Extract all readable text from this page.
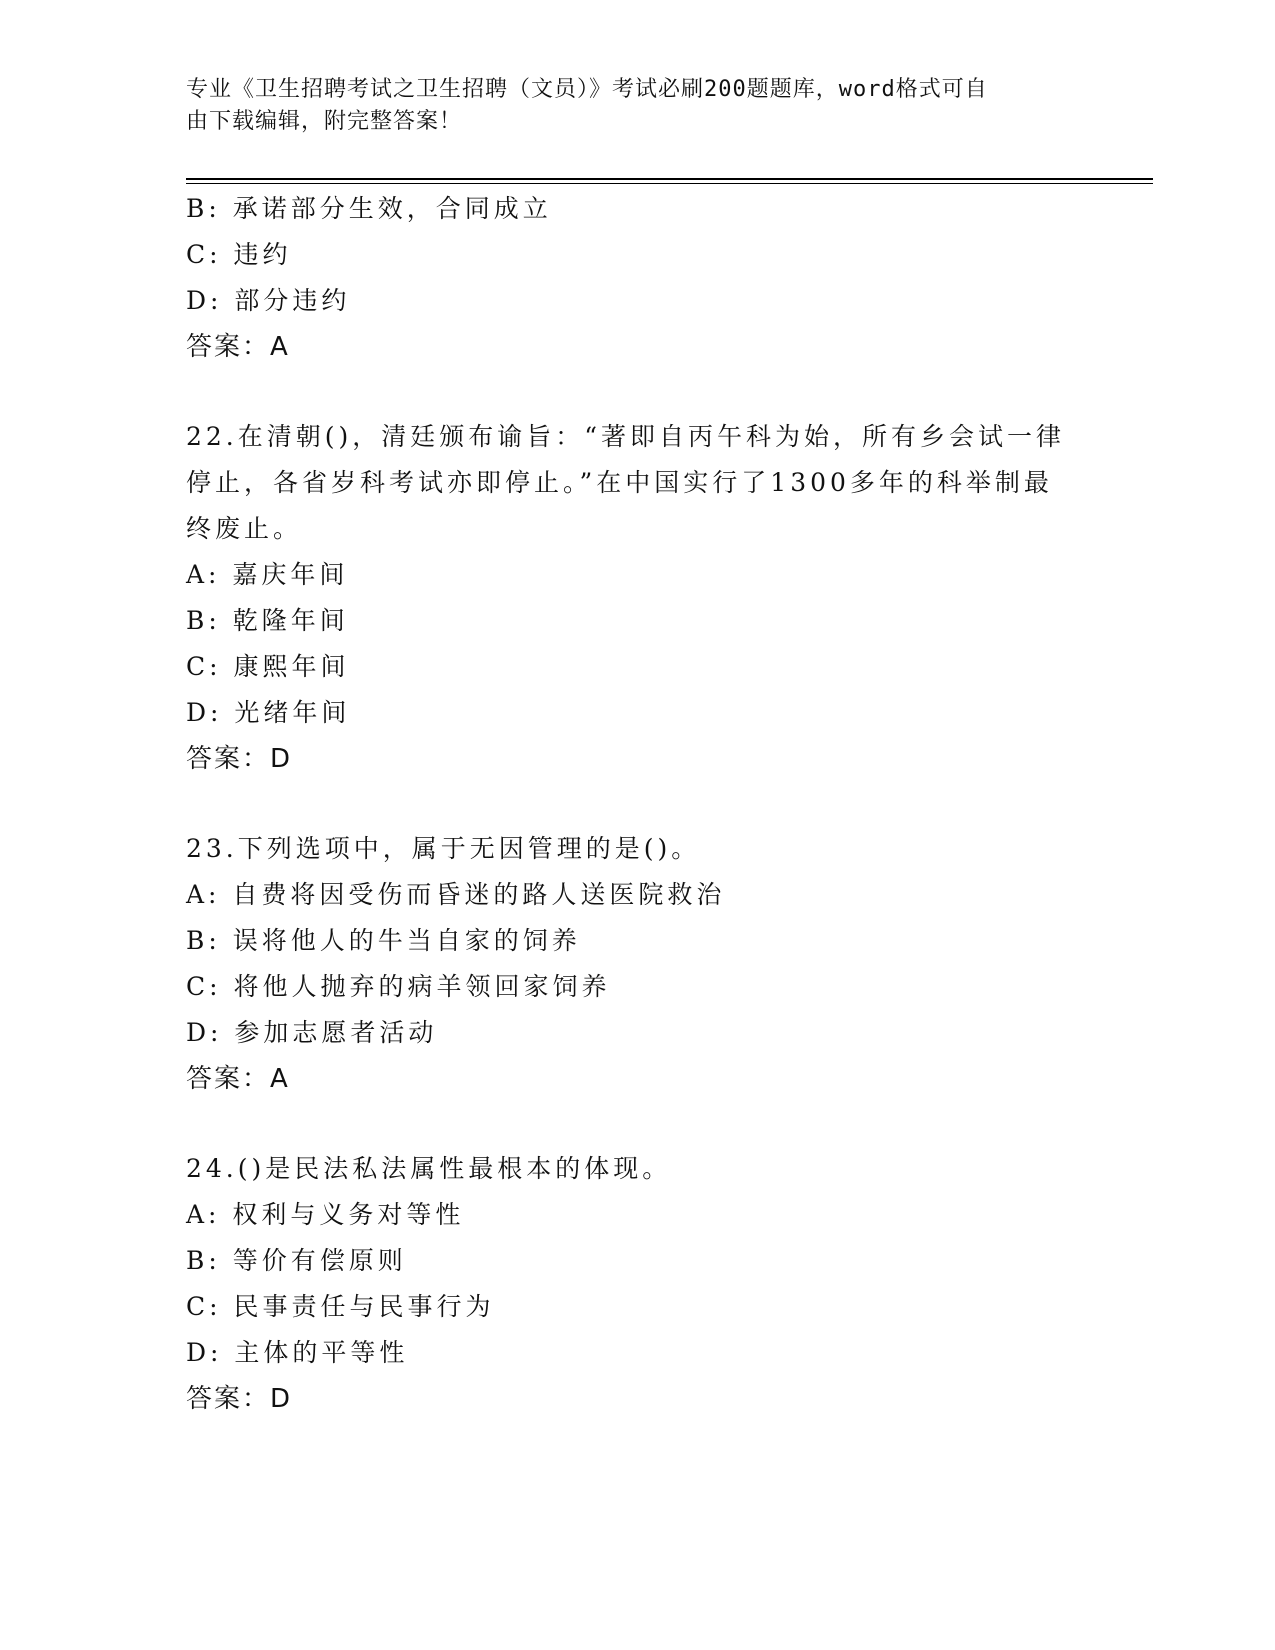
专业《卫生招聘考试之卫生招聘（文员）》考试必刷200题题库，word格式可自
由下载编辑，附完整答案！
B: 承诺部分生效，合同成立
C: 违约
D: 部分违约
答案：A
22.在清朝()，清廷颁布谕旨：“著即自丙午科为始，所有乡会试一律
停止，各省岁科考试亦即停止。”在中国实行了1300多年的科举制最
终废止。
A: 嘉庆年间
B: 乾隆年间
C: 康熙年间
D: 光绪年间
答案：D
23.下列选项中，属于无因管理的是()。
A: 自费将因受伤而昏迷的路人送医院救治
B: 误将他人的牛当自家的饲养
C: 将他人抛弃的病羊领回家饲养
D: 参加志愿者活动
答案：A
24.()是民法私法属性最根本的体现。
A: 权利与义务对等性
B: 等价有偿原则
C: 民事责任与民事行为
D: 主体的平等性
答案：D
